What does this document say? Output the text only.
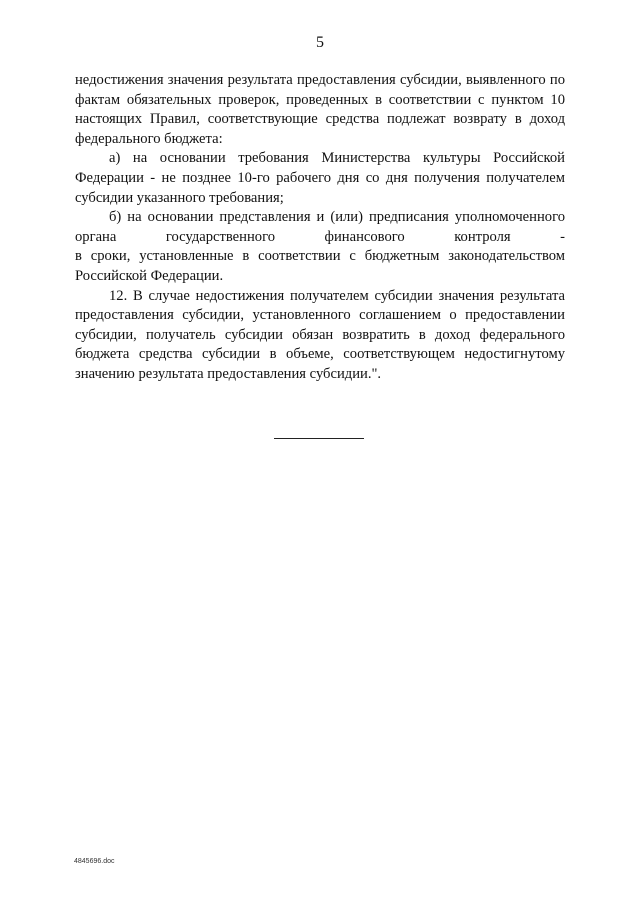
5

недостижения значения результата предоставления субсидии, выявленного по фактам обязательных проверок, проведенных в соответствии с пунктом 10 настоящих Правил, соответствующие средства подлежат возврату в доход федерального бюджета:

а) на основании требования Министерства культуры Российской Федерации - не позднее 10-го рабочего дня со дня получения получателем субсидии указанного требования;

б) на основании представления и (или) предписания уполномоченного органа государственного финансового контроля -

в сроки, установленные в соответствии с бюджетным законодательством Российской Федерации.

12. В случае недостижения получателем субсидии значения результата предоставления субсидии, установленного соглашением о предоставлении субсидии, получатель субсидии обязан возвратить в доход федерального бюджета средства субсидии в объеме, соответствующем недостигнутому значению результата предоставления субсидии.".

4845696.doc
